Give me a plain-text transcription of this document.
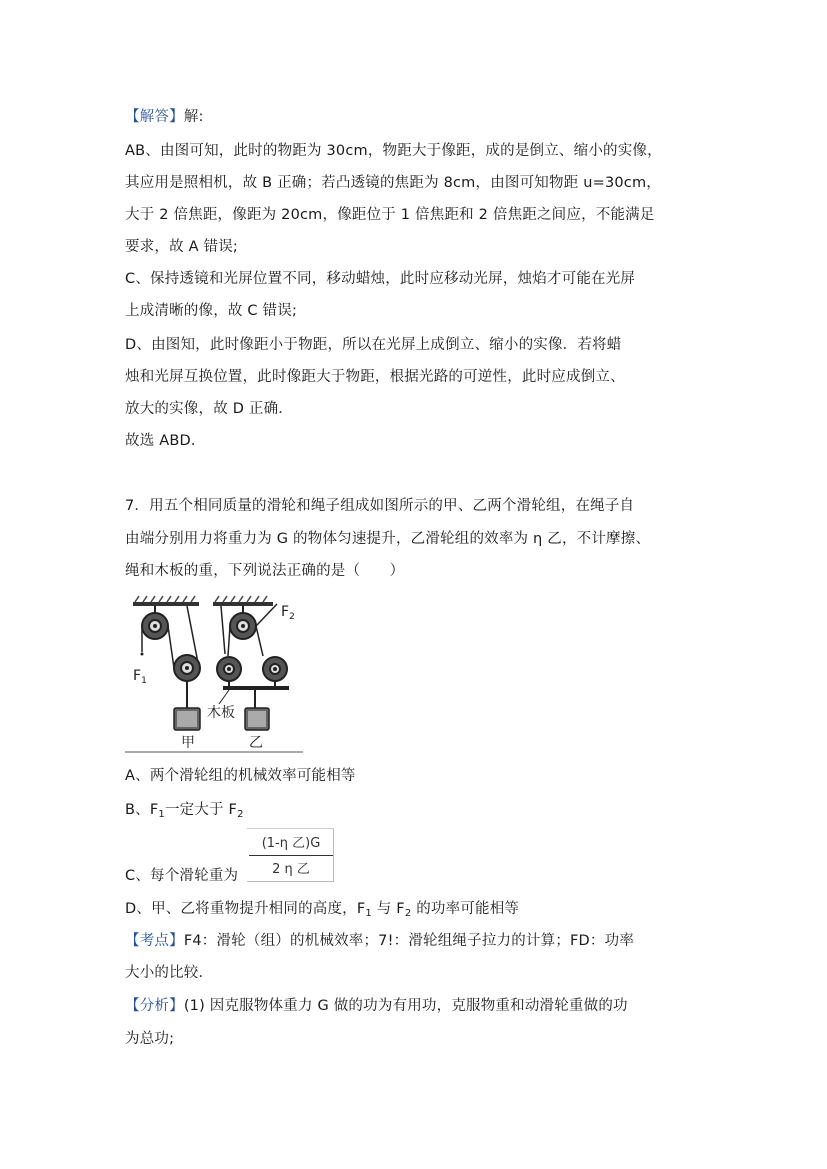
【解答】解:
AB、由图可知，此时的物距为 30cm，物距大于像距，成的是倒立、缩小的实像，
其应用是照相机，故 B 正确；若凸透镜的焦距为 8cm，由图可知物距 u=30cm，
大于 2 倍焦距，像距为 20cm，像距位于 1 倍焦距和 2 倍焦距之间应，不能满足
要求，故 A 错误;
C、保持透镜和光屏位置不同，移动蜡烛，此时应移动光屏，烛焰才可能在光屏
上成清晰的像，故 C 错误;
D、由图知，此时像距小于物距，所以在光屏上成倒立、缩小的实像．若将蜡
烛和光屏互换位置，此时像距大于物距，根据光路的可逆性，此时应成倒立、
放大的实像，故 D 正确．
故选 ABD．
7．用五个相同质量的滑轮和绳子组成如图所示的甲、乙两个滑轮组，在绳子自
由端分别用力将重力为 G 的物体匀速提升，乙滑轮组的效率为 η 乙，不计摩擦、
绳和木板的重，下列说法正确的是（　　）
$F_1$
$F_2$
木板
甲	乙
A、两个滑轮组的机械效率可能相等
B、$F_1$一定大于 $F_2$
(1-η 乙)G
2 η 乙
C、每个滑轮重为
D、甲、乙将重物提升相同的高度，$F_1$ 与 $F_2$ 的功率可能相等
【考点】F4：滑轮（组）的机械效率；7!：滑轮组绳子拉力的计算；FD：功率
大小的比较．
【分析】(1) 因克服物体重力 G 做的功为有用功，克服物重和动滑轮重做的功
为总功;
